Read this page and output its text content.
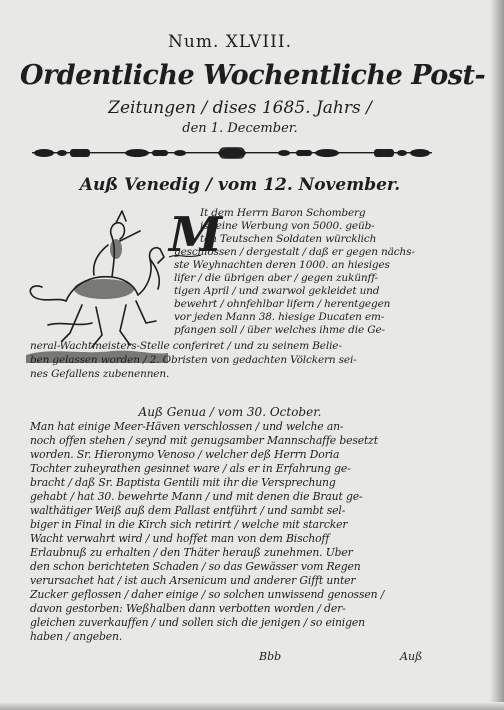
Num. XLVIII.
Ordentliche Wochentliche Post-
Zeitungen / dises 1685. Jahrs /
den 1. December.
Auß Venedig / vom 12. November.
M
It dem Herrn Baron Schomberg
ist eine Werbung von 5000. geüb-
ten Teutschen Soldaten würcklich
geschlossen / dergestalt / daß er gegen nächs-
ste Weyhnachten deren 1000. an hiesiges
lifer / die übrigen aber / gegen zukünff-
tigen April / und zwarwol gekleidet und
bewehrt / ohnfehlbar lifern / herentgegen
vor jeden Mann 38. hiesige Ducaten em-
pfangen soll / über welches ihme die Ge-
neral-Wachtmeisters-Stelle conferiret / und zu seinem Belie-
ben gelassen worden / 2. Obristen von gedachten Völckern sei-
nes Gefallens zubenennen.
Auß Genua / vom 30. October.
Man hat einige Meer-Häven verschlossen / und welche an-
noch offen stehen / seynd mit genugsamber Mannschaffe besetzt
worden. Sr. Hieronymo Venoso / welcher deß Herrn Doria
Tochter zuheyrathen gesinnet ware / als er in Erfahrung ge-
bracht / daß Sr. Baptista Gentili mit ihr die Versprechung
gehabt / hat 30. bewehrte Mann / und mit denen die Braut ge-
walthätiger Weiß auß dem Pallast entführt / und sambt sel-
biger in Final in die Kirch sich retirirt / welche mit starcker
Wacht verwahrt wird / und hoffet man von dem Bischoff
Erlaubnuß zu erhalten / den Thäter herauß zunehmen. Uber
den schon berichteten Schaden / so das Gewässer vom Regen
verursachet hat / ist auch Arsenicum und anderer Gifft unter
Zucker geflossen / daher einige / so solchen unwissend genossen /
davon gestorben: Weßhalben dann verbotten worden / der-
gleichen zuverkauffen / und sollen sich die jenigen / so einigen
haben / angeben.
Bbb	Auß
